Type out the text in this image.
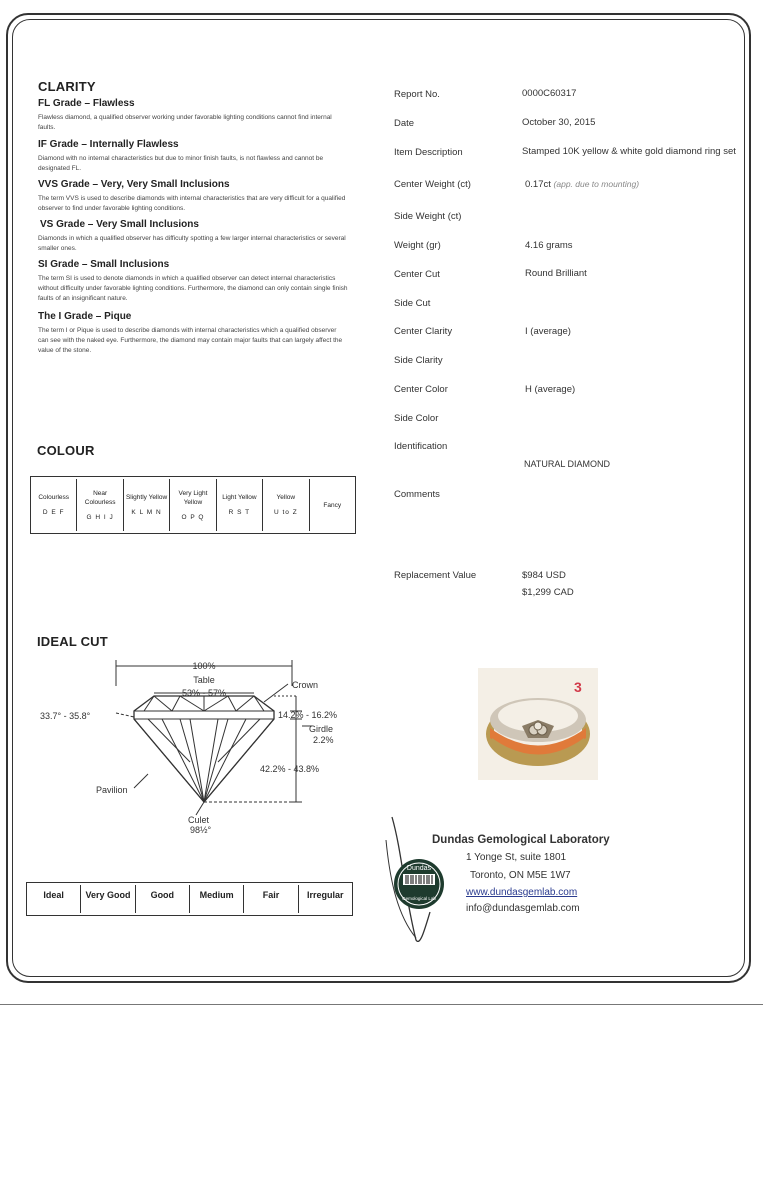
CLARITY
FL Grade – Flawless
Flawless diamond, a qualified observer working under favorable lighting conditions cannot find internal faults.
IF Grade – Internally Flawless
Diamond with no internal characteristics but due to minor finish faults, is not flawless and cannot be designated FL.
VVS Grade – Very, Very Small Inclusions
The term VVS is used to describe diamonds with internal characteristics that are very difficult for a qualified observer to find under favorable lighting conditions.
VS Grade – Very Small Inclusions
Diamonds in which a qualified observer has difficulty spotting a few larger internal characteristics or several smaller ones.
SI Grade – Small Inclusions
The term SI is used to denote diamonds in which a qualified observer can detect internal characteristics without difficulty under favorable lighting conditions. Furthermore, the diamond can only contain single finish faults of an insignificant nature.
The I Grade – Pique
The term I or Pique is used to describe diamonds with internal characteristics which a qualified observer can see with the naked eye. Furthermore, the diamond may contain major faults that can largely affect the value of the stone.
COLOUR
Colourless
D E F
Near Colourless
G H I J
Slightly Yellow
K L M N
Very Light Yellow
O P Q
Light Yellow
R S T
Yellow
U to Z
Fancy
IDEAL CUT
100%
Table
53% - 57%
Crown
33.7° - 35.8°	14.2% - 16.2%
Girdle
2.2%
42.2% - 43.8%
Pavilion
Culet
98½°
Ideal	Very Good	Good	Medium	Fair	Irregular
Report No.	0000C60317
Date	October 30, 2015
Item Description	Stamped 10K yellow & white gold diamond ring set
Center Weight (ct)	0.17ct (app. due to mounting)
Side Weight (ct)
Weight (gr)	4.16 grams
Center Cut	Round Brilliant
Side Cut
Center Clarity	I (average)
Side Clarity
Center Color	H (average)
Side Color
Identification
NATURAL DIAMOND
Comments
Replacement Value	$984 USD
$1,299 CAD
3
Dundas
Gemological Lab
Dundas Gemological Laboratory
1 Yonge St, suite 1801
Toronto, ON M5E 1W7
www.dundasgemlab.com
info@dundasgemlab.com
